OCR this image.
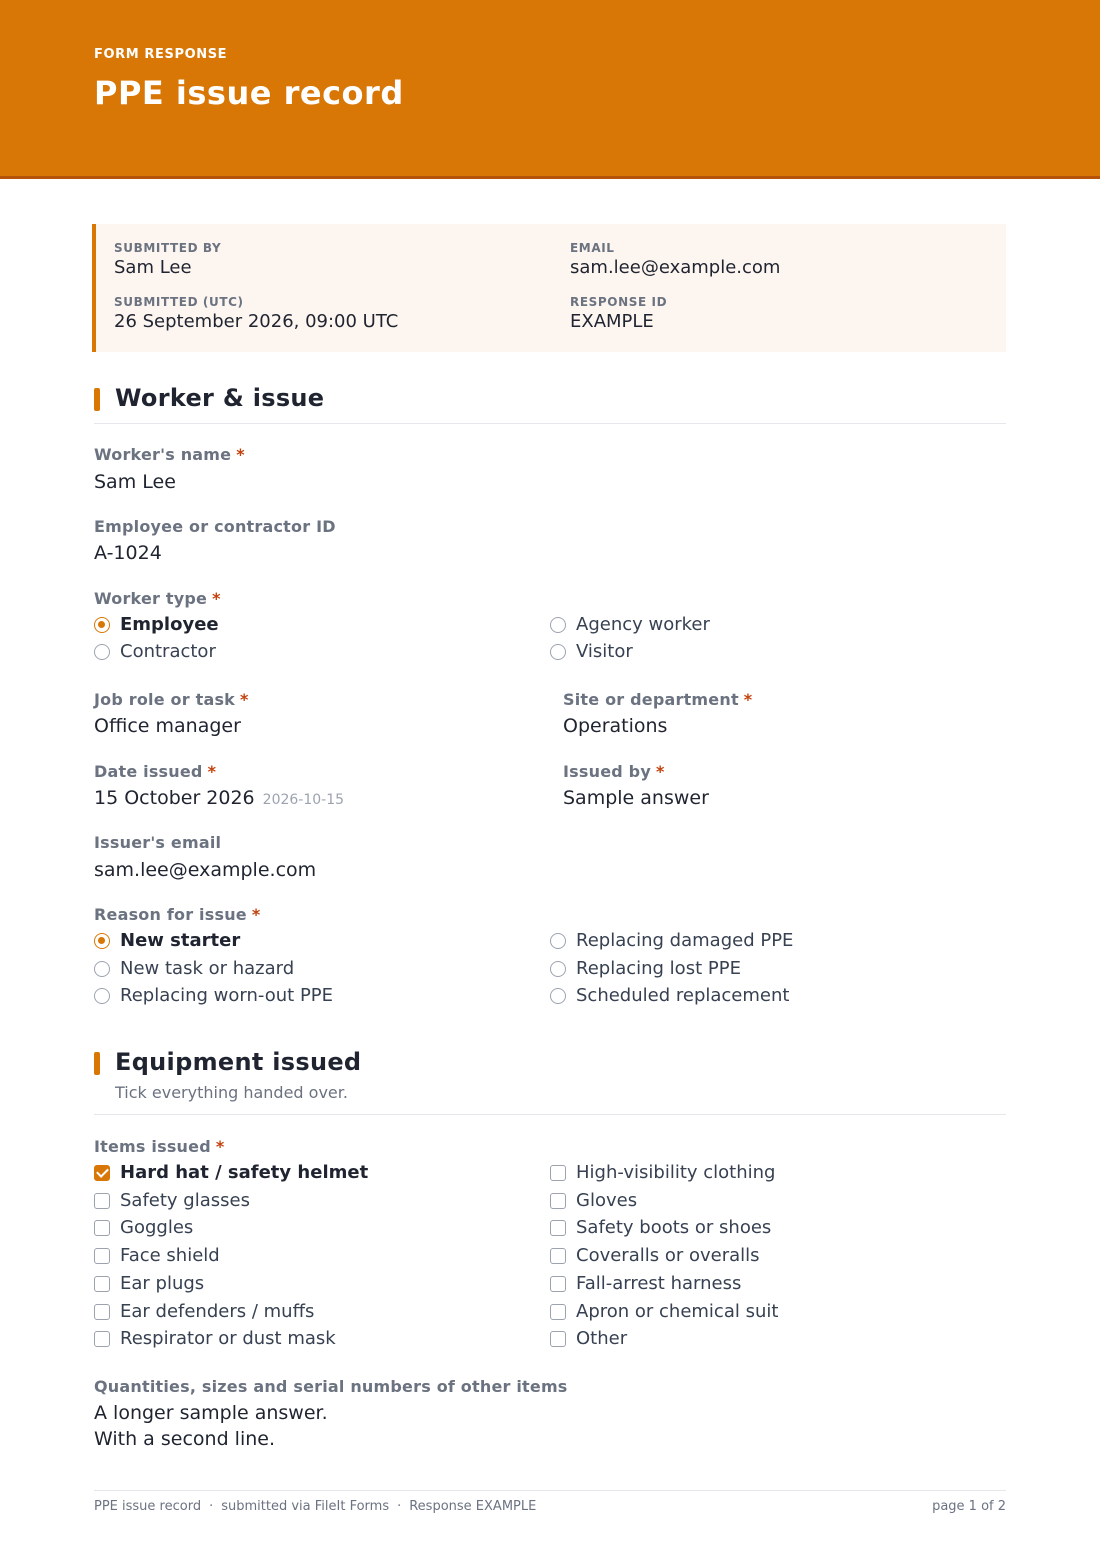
FORM RESPONSE
PPE issue record
SUBMITTED BY
Sam Lee
EMAIL
sam.lee@example.com
SUBMITTED (UTC)
26 September 2026, 09:00 UTC
RESPONSE ID
EXAMPLE
Worker & issue
Worker's name *
Sam Lee
Employee or contractor ID
A-1024
Worker type *
Employee	Agency worker
Contractor	Visitor
Job role or task *
Office manager
Site or department *
Operations
Date issued *
15 October 2026 2026-10-15
Issued by *
Sample answer
Issuer's email
sam.lee@example.com
Reason for issue *
New starter	Replacing damaged PPE
New task or hazard	Replacing lost PPE
Replacing worn-out PPE	Scheduled replacement
Equipment issued
Tick everything handed over.
Items issued *
Hard hat / safety helmet	High-visibility clothing
Safety glasses	Gloves
Goggles	Safety boots or shoes
Face shield	Coveralls or overalls
Ear plugs	Fall-arrest harness
Ear defenders / muffs	Apron or chemical suit
Respirator or dust mask	Other
Quantities, sizes and serial numbers of other items
A longer sample answer.
With a second line.
PPE issue record · submitted via FileIt Forms · Response EXAMPLE	page 1 of 2
